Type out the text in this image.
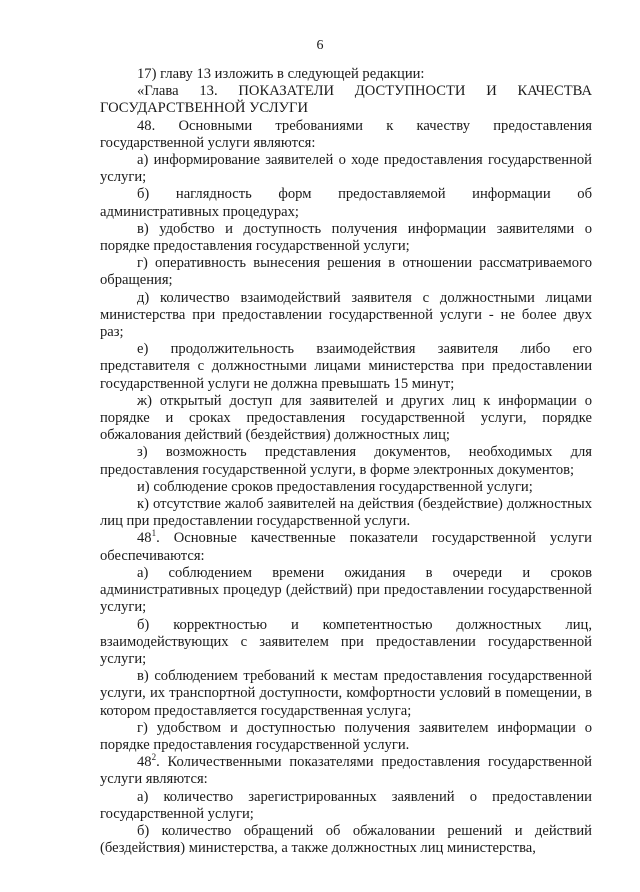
6

17) главу 13 изложить в следующей редакции:

«Глава 13. ПОКАЗАТЕЛИ ДОСТУПНОСТИ И КАЧЕСТВА ГОСУДАРСТВЕННОЙ УСЛУГИ

48. Основными требованиями к качеству предоставления государственной услуги являются:

а) информирование заявителей о ходе предоставления государственной услуги;

б) наглядность форм предоставляемой информации об административных процедурах;

в) удобство и доступность получения информации заявителями о порядке предоставления государственной услуги;

г) оперативность вынесения решения в отношении рассматриваемого обращения;

д) количество взаимодействий заявителя с должностными лицами министерства при предоставлении государственной услуги - не более двух раз;

е) продолжительность взаимодействия заявителя либо его представителя с должностными лицами министерства при предоставлении государственной услуги не должна превышать 15 минут;

ж) открытый доступ для заявителей и других лиц к информации о порядке и сроках предоставления государственной услуги, порядке обжалования действий (бездействия) должностных лиц;

з) возможность представления документов, необходимых для предоставления государственной услуги, в форме электронных документов;

и) соблюдение сроков предоставления государственной услуги;

к) отсутствие жалоб заявителей на действия (бездействие) должностных лиц при предоставлении государственной услуги.

$48^1$. Основные качественные показатели государственной услуги обеспечиваются:

а) соблюдением времени ожидания в очереди и сроков административных процедур (действий) при предоставлении государственной услуги;

б) корректностью и компетентностью должностных лиц, взаимодействующих с заявителем при предоставлении государственной услуги;

в) соблюдением требований к местам предоставления государственной услуги, их транспортной доступности, комфортности условий в помещении, в котором предоставляется государственная услуга;

г) удобством и доступностью получения заявителем информации о порядке предоставления государственной услуги.

$48^2$. Количественными показателями предоставления государственной услуги являются:

а) количество зарегистрированных заявлений о предоставлении государственной услуги;

б) количество обращений об обжаловании решений и действий (бездействия) министерства, а также должностных лиц министерства,
